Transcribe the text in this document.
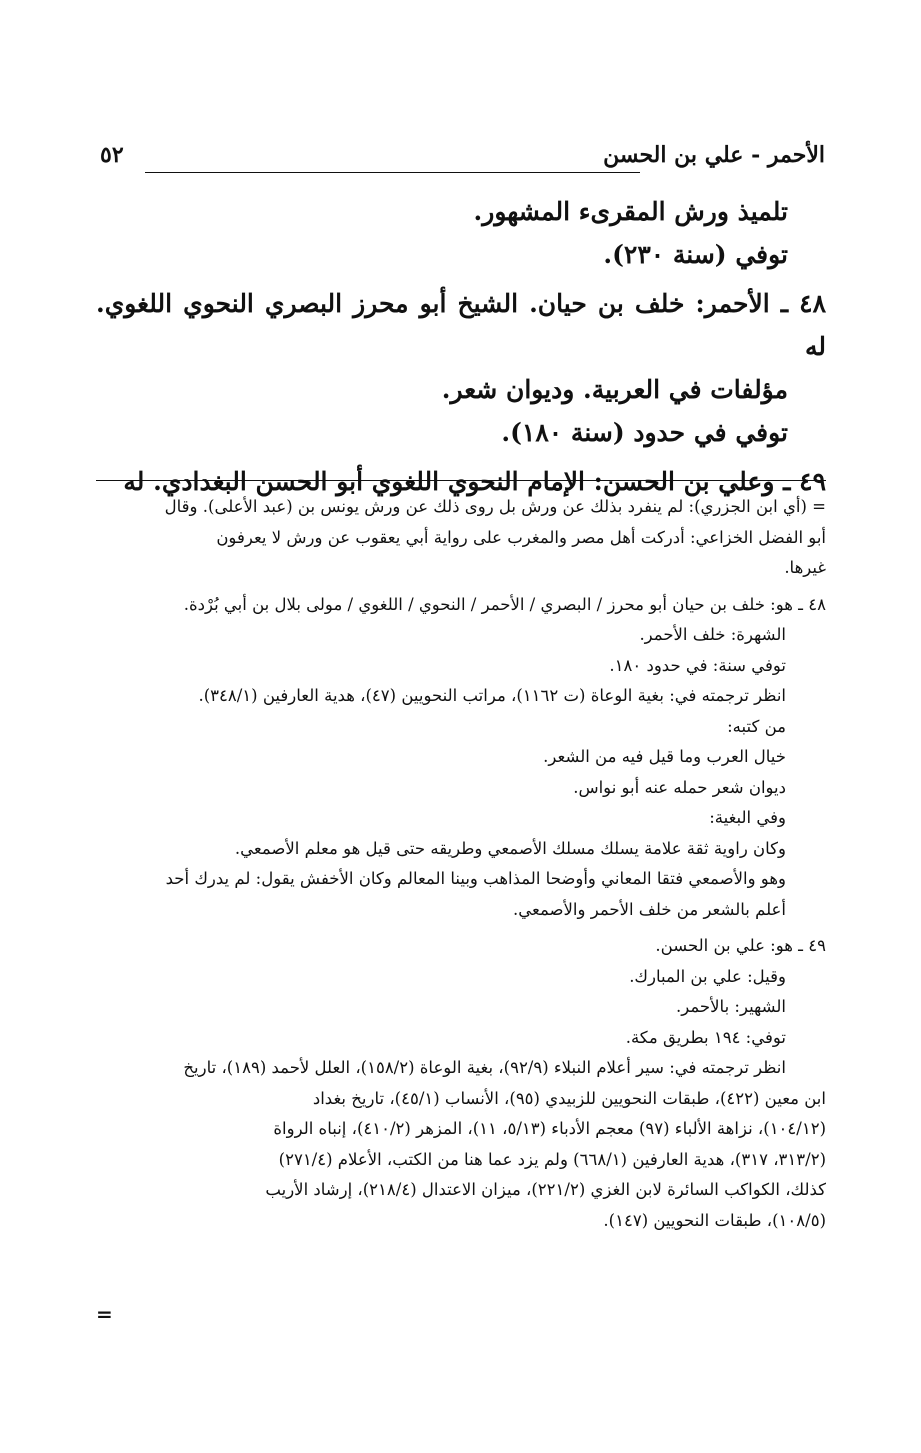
الأحمر - علي بن الحسن
٥٢

تلميذ ورش المقرىء المشهور.

توفي (سنة ٢٣٠).

٤٨ ـ الأحمر: خلف بن حيان. الشيخ أبو محرز البصري النحوي اللغوي. له

مؤلفات في العربية. وديوان شعر.

توفي في حدود (سنة ١٨٠).

٤٩ ـ وعلي بن الحسن: الإمام النحوي اللغوي أبو الحسن البغدادي. له

= (أي ابن الجزري): لم ينفرد بذلك عن ورش بل روى ذلك عن ورش يونس بن (عبد الأعلى). وقال

أبو الفضل الخزاعي: أدركت أهل مصر والمغرب على رواية أبي يعقوب عن ورش لا يعرفون

غيرها.

٤٨ ـ هو: خلف بن حيان أبو محرز / البصري / الأحمر / النحوي / اللغوي / مولى بلال بن أبي بُرْدة.

الشهرة: خلف الأحمر.

توفي سنة: في حدود ١٨٠.

انظر ترجمته في: بغية الوعاة (ت ١١٦٢)، مراتب النحويين (٤٧)، هدية العارفين (٣٤٨/١).

من كتبه:

خيال العرب وما قيل فيه من الشعر.

ديوان شعر حمله عنه أبو نواس.

وفي البغية:

وكان راوية ثقة علامة يسلك مسلك الأصمعي وطريقه حتى قيل هو معلم الأصمعي.

وهو والأصمعي فتقا المعاني وأوضحا المذاهب وبينا المعالم وكان الأخفش يقول: لم يدرك أحد

أعلم بالشعر من خلف الأحمر والأصمعي.

٤٩ ـ هو: علي بن الحسن.

وقيل: علي بن المبارك.

الشهير: بالأحمر.

توفي: ١٩٤ بطريق مكة.

انظر ترجمته في: سير أعلام النبلاء (٩٢/٩)، بغية الوعاة (١٥٨/٢)، العلل لأحمد (١٨٩)، تاريخ

ابن معين (٤٢٢)، طبقات النحويين للزبيدي (٩٥)، الأنساب (٤٥/١)، تاريخ بغداد

(١٠٤/١٢)، نزاهة الألباء (٩٧) معجم الأدباء (٥/١٣، ١١)، المزهر (٤١٠/٢)، إنباه الرواة

(٣١٣/٢، ٣١٧)، هدية العارفين (٦٦٨/١) ولم يزد عما هنا من الكتب، الأعلام (٢٧١/٤)

كذلك، الكواكب السائرة لابن الغزي (٢٢١/٢)، ميزان الاعتدال (٢١٨/٤)، إرشاد الأريب

(١٠٨/٥)، طبقات النحويين (١٤٧).

=
